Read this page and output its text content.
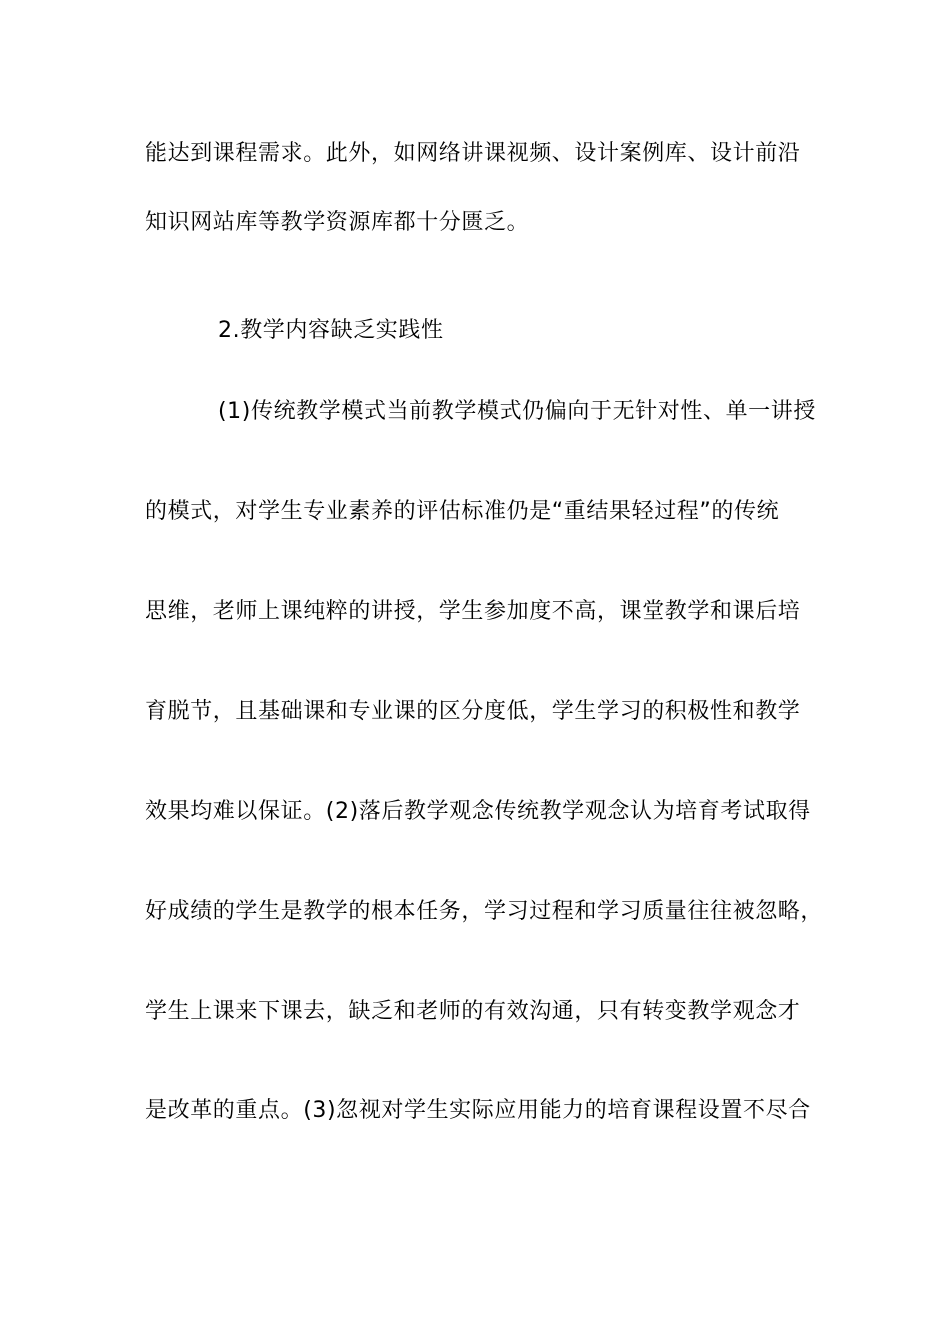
能达到课程需求。此外，如网络讲课视频、设计案例库、设计前沿
知识网站库等教学资源库都十分匮乏。
2.教学内容缺乏实践性
(1)传统教学模式当前教学模式仍偏向于无针对性、单一讲授
的模式，对学生专业素养的评估标准仍是“重结果轻过程”的传统
思维，老师上课纯粹的讲授，学生参加度不高，课堂教学和课后培
育脱节，且基础课和专业课的区分度低，学生学习的积极性和教学
效果均难以保证。(2)落后教学观念传统教学观念认为培育考试取得
好成绩的学生是教学的根本任务，学习过程和学习质量往往被忽略，
学生上课来下课去，缺乏和老师的有效沟通，只有转变教学观念才
是改革的重点。(3)忽视对学生实际应用能力的培育课程设置不尽合
